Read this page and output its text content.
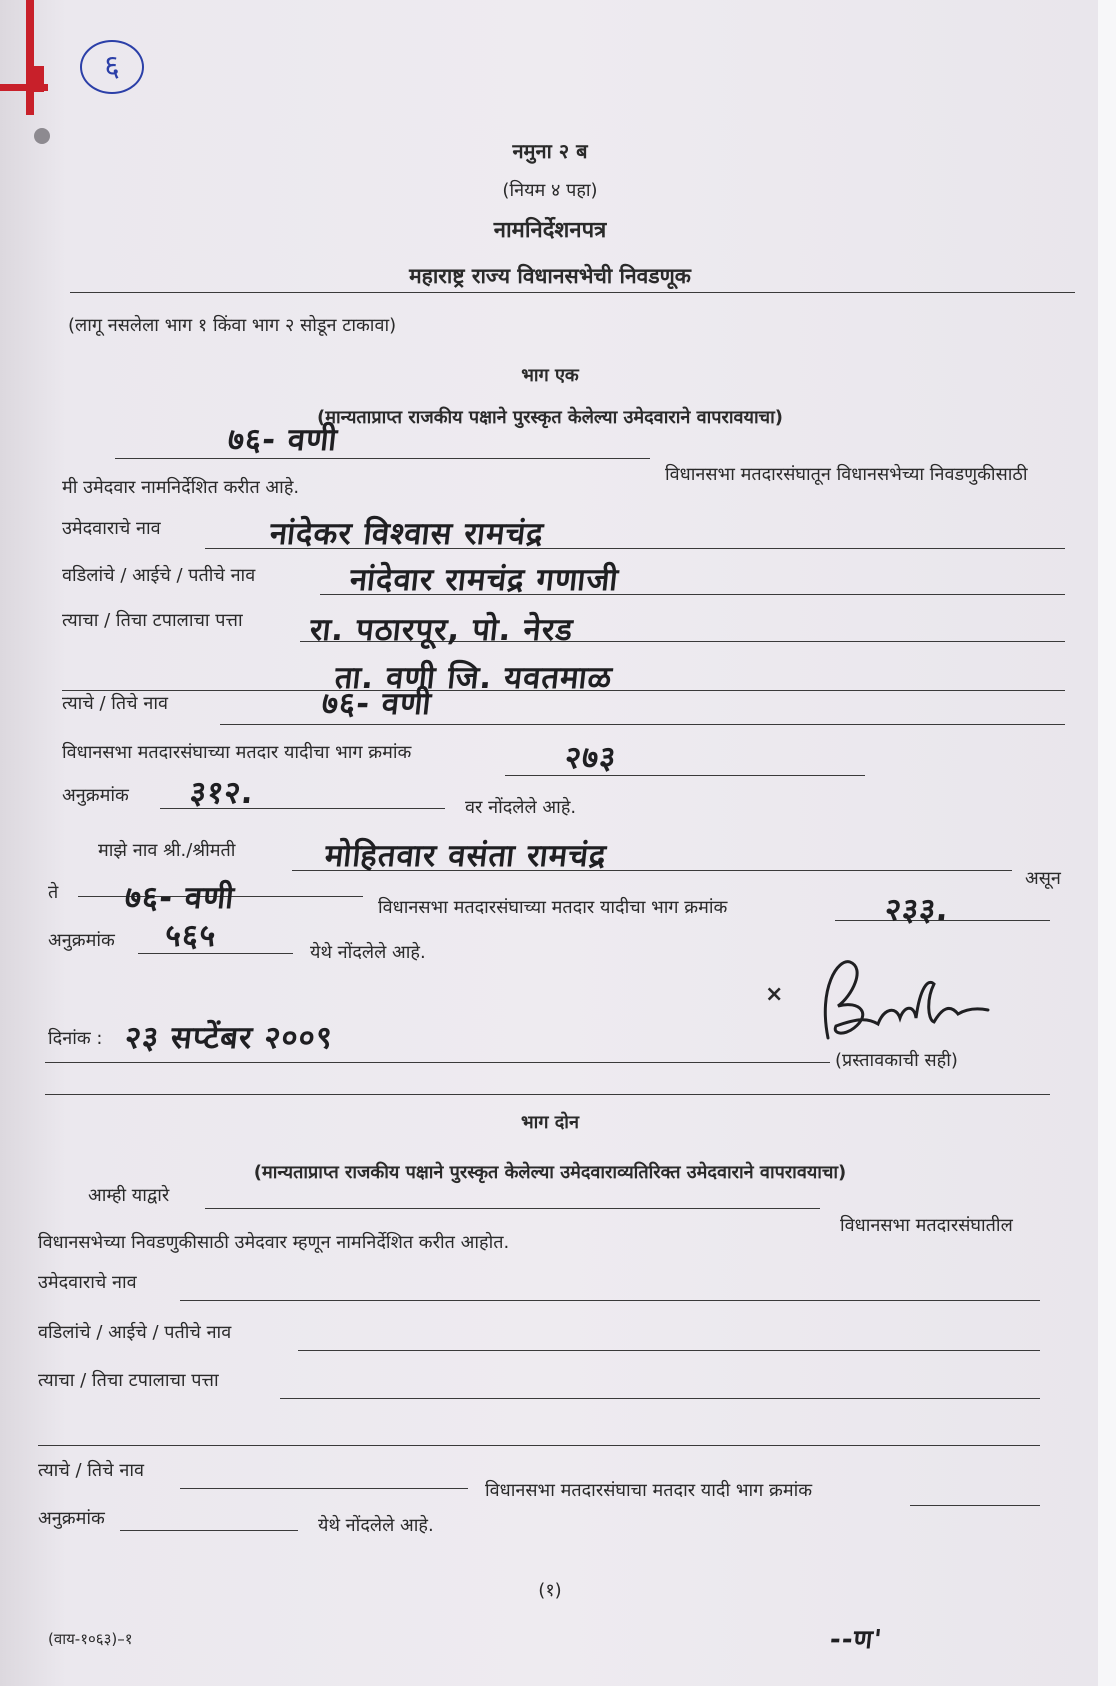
६
नमुना २ ब
(नियम ४ पहा)
नामनिर्देशनपत्र
महाराष्ट्र राज्य विधानसभेची निवडणूक
(लागू नसलेला भाग १ किंवा भाग २ सोडून टाकावा)
भाग एक
(मान्यताप्राप्त राजकीय पक्षाने पुरस्कृत केलेल्या उमेदवाराने वापरावयाचा)
७६- वणी
विधानसभा मतदारसंघातून विधानसभेच्या निवडणुकीसाठी
मी उमेदवार नामनिर्देशित करीत आहे.
उमेदवाराचे नाव	नांदेकर विश्वास रामचंद्र
वडिलांचे / आईचे / पतीचे नाव	नांदेवार रामचंद्र गणाजी
त्याचा / तिचा टपालाचा पत्ता रा. पठारपूर, पो. नेरड
ता. वणी जि. यवतमाळ
त्याचे / तिचे नाव	७६- वणी
विधानसभा मतदारसंघाच्या मतदार यादीचा भाग क्रमांक	२७३
अनुक्रमांक ३१२.	वर नोंदलेले आहे.
माझे नाव श्री./श्रीमती	मोहितवार वसंता रामचंद्र
असून
ते ७६- वणी	विधानसभा मतदारसंघाच्या मतदार यादीचा भाग क्रमांक	२३३.
अनुक्रमांक ५६५	येथे नोंदलेले आहे.
×
(प्रस्तावकाची सही)
दिनांक : २३ सप्टेंबर २००९
भाग दोन
(मान्यताप्राप्त राजकीय पक्षाने पुरस्कृत केलेल्या उमेदवाराव्यतिरिक्त उमेदवाराने वापरावयाचा)
आम्ही याद्वारे
विधानसभा मतदारसंघातील
विधानसभेच्या निवडणुकीसाठी उमेदवार म्हणून नामनिर्देशित करीत आहोत.
उमेदवाराचे नाव
वडिलांचे / आईचे / पतीचे नाव
त्याचा / तिचा टपालाचा पत्ता
त्याचे / तिचे नाव
विधानसभा मतदारसंघाचा मतदार यादी भाग क्रमांक
अनुक्रमांक	येथे नोंदलेले आहे.
(१)
(वाय-१०६३)–१	--ण'
